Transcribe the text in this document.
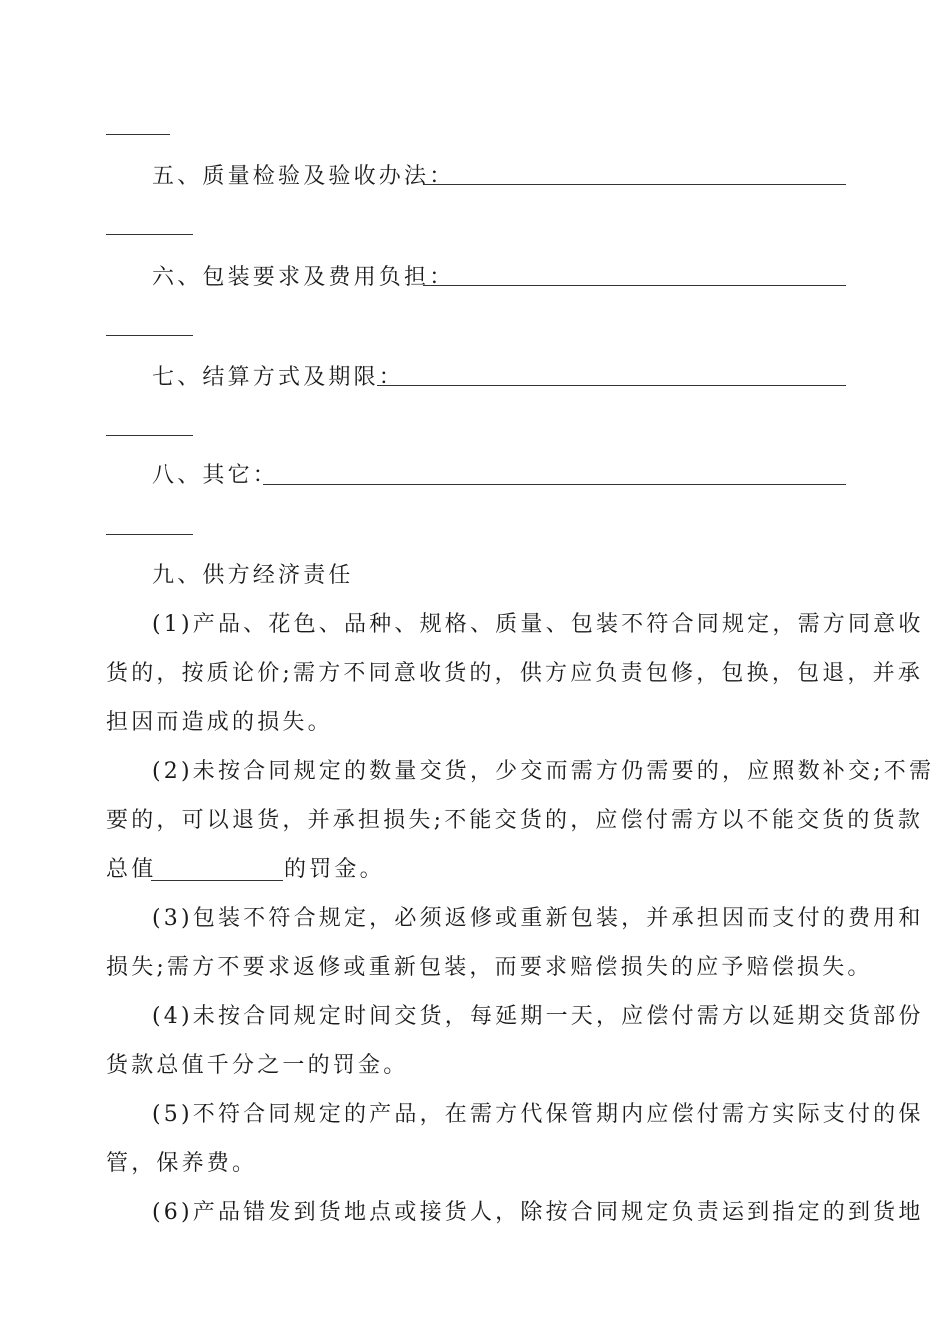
五、质量检验及验收办法：
六、包装要求及费用负担：
七、结算方式及期限：
八、其它：
九、供方经济责任
(1)产品、花色、品种、规格、质量、包装不符合同规定，需方同意收
货的，按质论价;需方不同意收货的，供方应负责包修，包换，包退，并承
担因而造成的损失。
(2)未按合同规定的数量交货，少交而需方仍需要的，应照数补交;不需
要的，可以退货，并承担损失;不能交货的，应偿付需方以不能交货的货款
总值	的罚金。
(3)包装不符合规定，必须返修或重新包装，并承担因而支付的费用和
损失;需方不要求返修或重新包装，而要求赔偿损失的应予赔偿损失。
(4)未按合同规定时间交货，每延期一天，应偿付需方以延期交货部份
货款总值千分之一的罚金。
(5)不符合同规定的产品，在需方代保管期内应偿付需方实际支付的保
管，保养费。
(6)产品错发到货地点或接货人，除按合同规定负责运到指定的到货地
